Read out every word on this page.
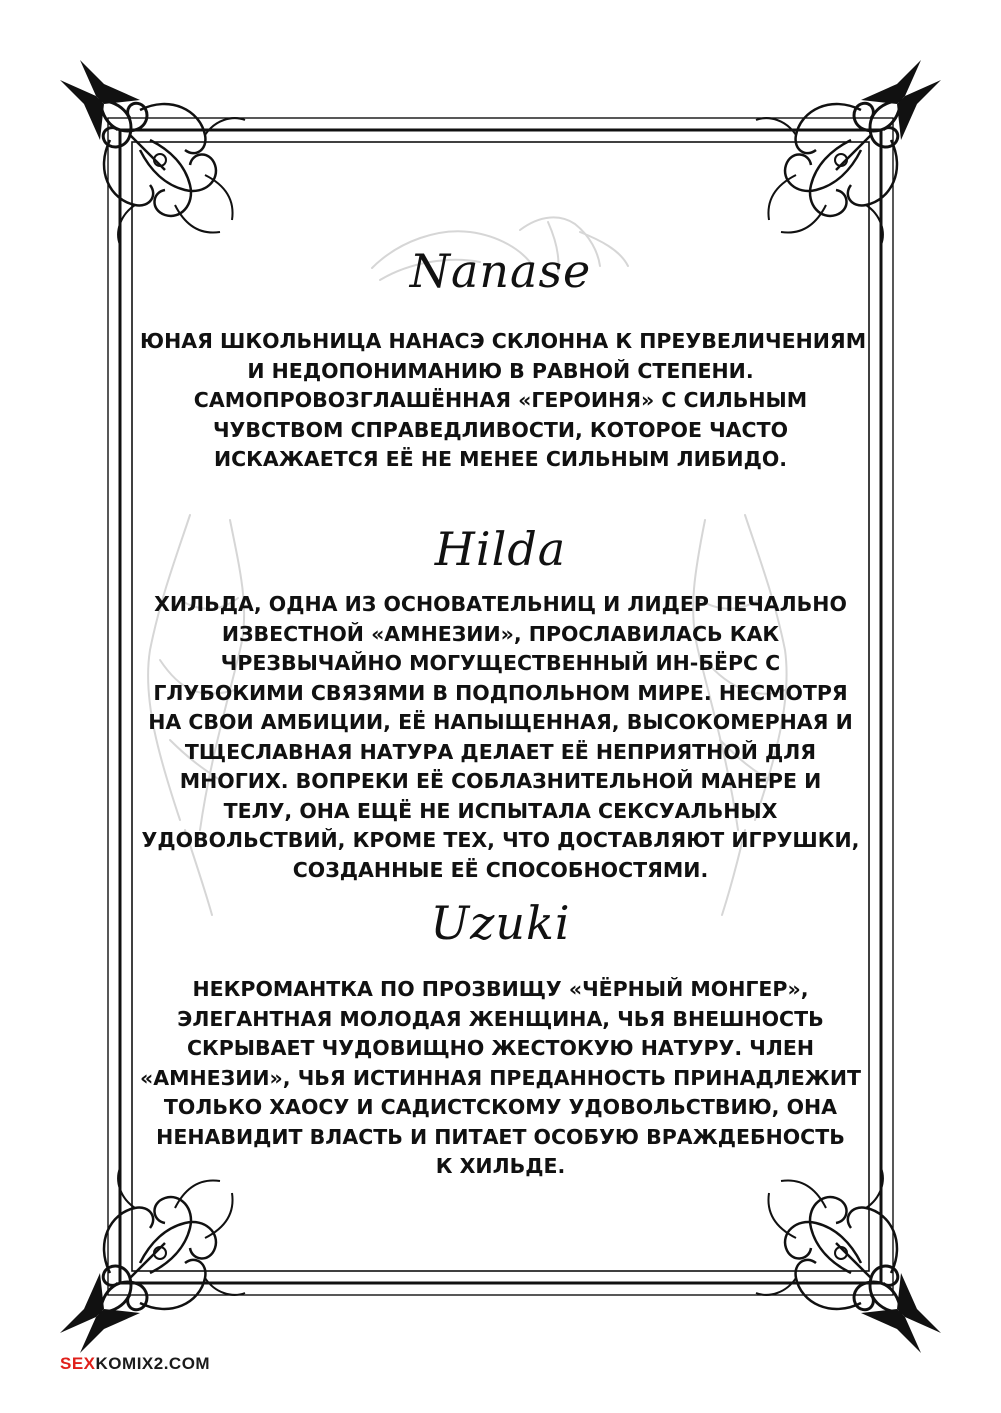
Nanase
ЮНАЯ ШКОЛЬНИЦА НАНАСЭ СКЛОННА К ПРЕУВЕЛИЧЕНИЯМ
И НЕДОПОНИМАНИЮ В РАВНОЙ СТЕПЕНИ.
САМОПРОВОЗГЛАШЁННАЯ «ГЕРОИНЯ» С СИЛЬНЫМ
ЧУВСТВОМ СПРАВЕДЛИВОСТИ, КОТОРОЕ ЧАСТО
ИСКАЖАЕТСЯ ЕЁ НЕ МЕНЕЕ СИЛЬНЫМ ЛИБИДО.
Hilda
ХИЛЬДА, ОДНА ИЗ ОСНОВАТЕЛЬНИЦ И ЛИДЕР ПЕЧАЛЬНО
ИЗВЕСТНОЙ «АМНЕЗИИ», ПРОСЛАВИЛАСЬ КАК
ЧРЕЗВЫЧАЙНО МОГУЩЕСТВЕННЫЙ ИН-БЁРС С
ГЛУБОКИМИ СВЯЗЯМИ В ПОДПОЛЬНОМ МИРЕ. НЕСМОТРЯ
НА СВОИ АМБИЦИИ, ЕЁ НАПЫЩЕННАЯ, ВЫСОКОМЕРНАЯ И
ТЩЕСЛАВНАЯ НАТУРА ДЕЛАЕТ ЕЁ НЕПРИЯТНОЙ ДЛЯ
МНОГИХ. ВОПРЕКИ ЕЁ СОБЛАЗНИТЕЛЬНОЙ МАНЕРЕ И
ТЕЛУ, ОНА ЕЩЁ НЕ ИСПЫТАЛА СЕКСУАЛЬНЫХ
УДОВОЛЬСТВИЙ, КРОМЕ ТЕХ, ЧТО ДОСТАВЛЯЮТ ИГРУШКИ,
СОЗДАННЫЕ ЕЁ СПОСОБНОСТЯМИ.
Uzuki
НЕКРОМАНТКА ПО ПРОЗВИЩУ «ЧЁРНЫЙ МОНГЕР»,
ЭЛЕГАНТНАЯ МОЛОДАЯ ЖЕНЩИНА, ЧЬЯ ВНЕШНОСТЬ
СКРЫВАЕТ ЧУДОВИЩНО ЖЕСТОКУЮ НАТУРУ. ЧЛЕН
«АМНЕЗИИ», ЧЬЯ ИСТИННАЯ ПРЕДАННОСТЬ ПРИНАДЛЕЖИТ
ТОЛЬКО ХАОСУ И САДИСТСКОМУ УДОВОЛЬСТВИЮ, ОНА
НЕНАВИДИТ ВЛАСТЬ И ПИТАЕТ ОСОБУЮ ВРАЖДЕБНОСТЬ
К ХИЛЬДЕ.
SEXKOMIX2.COM
